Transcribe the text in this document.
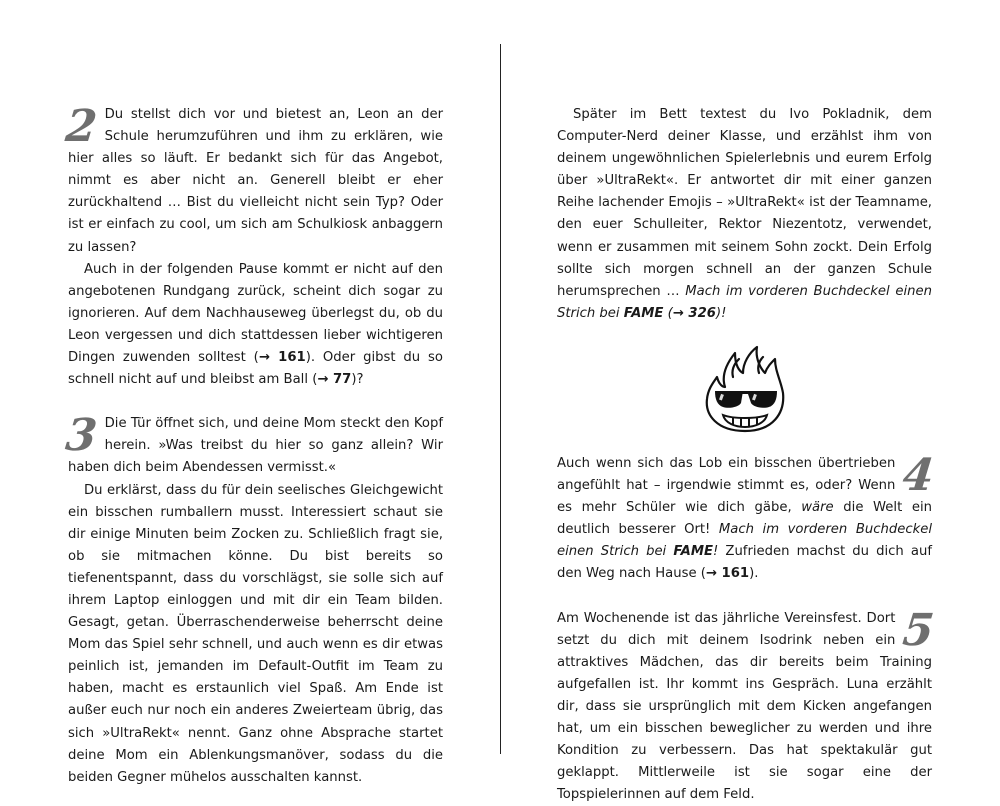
2 Du stellst dich vor und bietest an, Leon an der Schule herumzuführen und ihm zu erklären, wie hier alles so läuft. Er bedankt sich für das Angebot, nimmt es aber nicht an. Generell bleibt er eher zurückhaltend … Bist du vielleicht nicht sein Typ? Oder ist er einfach zu cool, um sich am Schulkiosk anbaggern zu lassen?

Auch in der folgenden Pause kommt er nicht auf den angebotenen Rundgang zurück, scheint dich sogar zu ignorieren. Auf dem Nachhauseweg überlegst du, ob du Leon vergessen und dich stattdessen lieber wichtigeren Dingen zuwenden solltest (→ 161). Oder gibst du so schnell nicht auf und bleibst am Ball (→ 77)?

3 Die Tür öffnet sich, und deine Mom steckt den Kopf herein. »Was treibst du hier so ganz allein? Wir haben dich beim Abendessen vermisst.«

Du erklärst, dass du für dein seelisches Gleichgewicht ein bisschen rumballern musst. Interessiert schaut sie dir einige Minuten beim Zocken zu. Schließlich fragt sie, ob sie mitmachen könne. Du bist bereits so tiefenentspannt, dass du vorschlägst, sie solle sich auf ihrem Laptop einloggen und mit dir ein Team bilden. Gesagt, getan. Überraschenderweise beherrscht deine Mom das Spiel sehr schnell, und auch wenn es dir etwas peinlich ist, jemanden im Default-Outfit im Team zu haben, macht es erstaunlich viel Spaß. Am Ende ist außer euch nur noch ein anderes Zweierteam übrig, das sich »UltraRekt« nennt. Ganz ohne Absprache startet deine Mom ein Ablenkungsmanöver, sodass du die beiden Gegner mühelos ausschalten kannst.

Später im Bett textest du Ivo Pokladnik, dem Computer-Nerd deiner Klasse, und erzählst ihm von deinem ungewöhnlichen Spielerlebnis und eurem Erfolg über »UltraRekt«. Er antwortet dir mit einer ganzen Reihe lachender Emojis – »UltraRekt« ist der Teamname, den euer Schulleiter, Rektor Niezentotz, verwendet, wenn er zusammen mit seinem Sohn zockt. Dein Erfolg sollte sich morgen schnell an der ganzen Schule herumsprechen … Mach im vorderen Buchdeckel einen Strich bei FAME (→ 326)!

4

Auch wenn sich das Lob ein bisschen übertrieben angefühlt hat – irgendwie stimmt es, oder? Wenn es mehr Schüler wie dich gäbe, wäre die Welt ein deutlich besserer Ort! Mach im vorderen Buchdeckel einen Strich bei FAME! Zufrieden machst du dich auf den Weg nach Hause (→ 161).

5

Am Wochenende ist das jährliche Vereinsfest. Dort setzt du dich mit deinem Isodrink neben ein attraktives Mädchen, das dir bereits beim Training aufgefallen ist. Ihr kommt ins Gespräch. Luna erzählt dir, dass sie ursprünglich mit dem Kicken angefangen hat, um ein bisschen beweglicher zu werden und ihre Kondition zu verbessern. Das hat spektakulär gut geklappt. Mittlerweile ist sie sogar eine der Topspielerinnen auf dem Feld.
